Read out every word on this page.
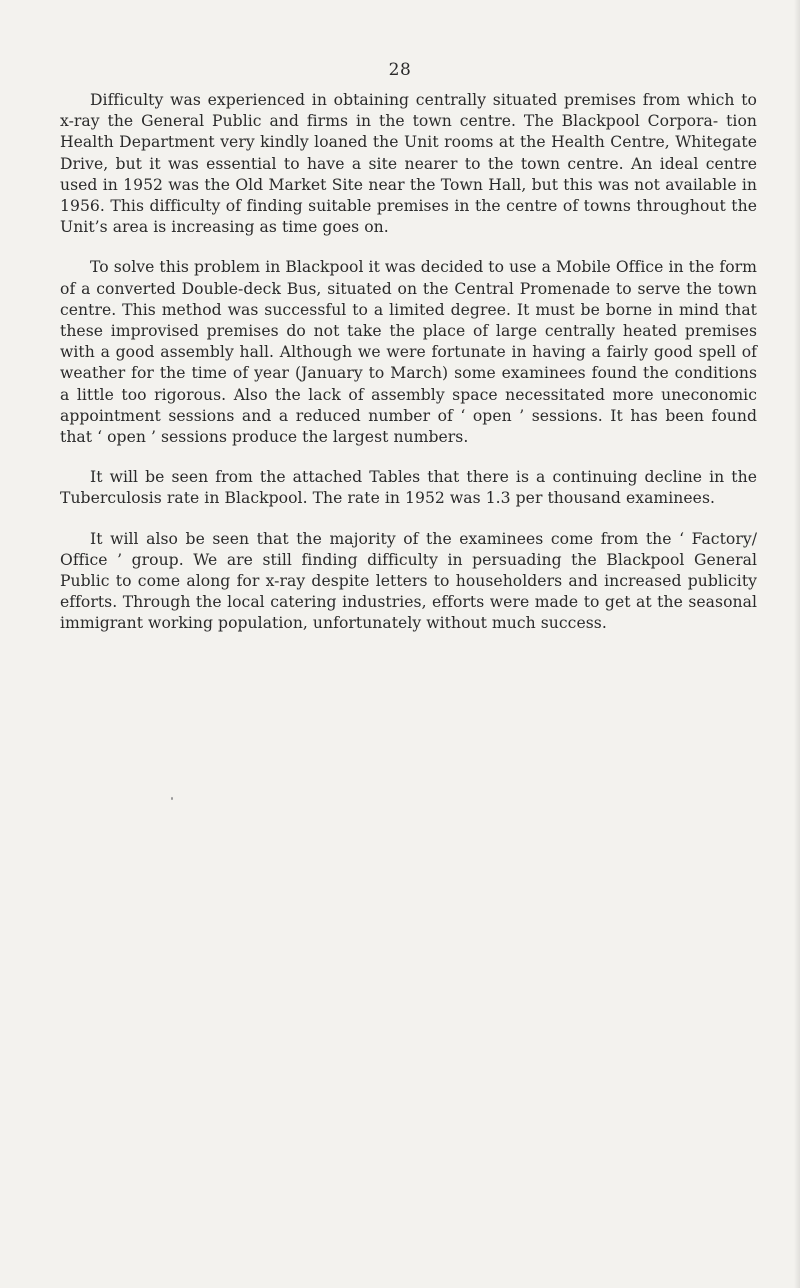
28

Difficulty was experienced in obtaining centrally situated premises from which to x-ray the General Public and firms in the town centre. The Blackpool Corpora- tion Health Department very kindly loaned the Unit rooms at the Health Centre, Whitegate Drive, but it was essential to have a site nearer to the town centre. An ideal centre used in 1952 was the Old Market Site near the Town Hall, but this was not available in 1956. This difficulty of finding suitable premises in the centre of towns throughout the Unit’s area is increasing as time goes on.

To solve this problem in Blackpool it was decided to use a Mobile Office in the form of a converted Double-deck Bus, situated on the Central Promenade to serve the town centre. This method was successful to a limited degree. It must be borne in mind that these improvised premises do not take the place of large centrally heated premises with a good assembly hall. Although we were fortunate in having a fairly good spell of weather for the time of year (January to March) some examinees found the conditions a little too rigorous. Also the lack of assembly space necessitated more uneconomic appointment sessions and a reduced number of ‘ open ’ sessions. It has been found that ‘ open ’ sessions produce the largest numbers.

It will be seen from the attached Tables that there is a continuing decline in the Tuberculosis rate in Blackpool. The rate in 1952 was 1.3 per thousand examinees.

It will also be seen that the majority of the examinees come from the ‘ Factory/ Office ’ group. We are still finding difficulty in persuading the Blackpool General Public to come along for x-ray despite letters to householders and increased publicity efforts. Through the local catering industries, efforts were made to get at the seasonal immigrant working population, unfortunately without much success.
